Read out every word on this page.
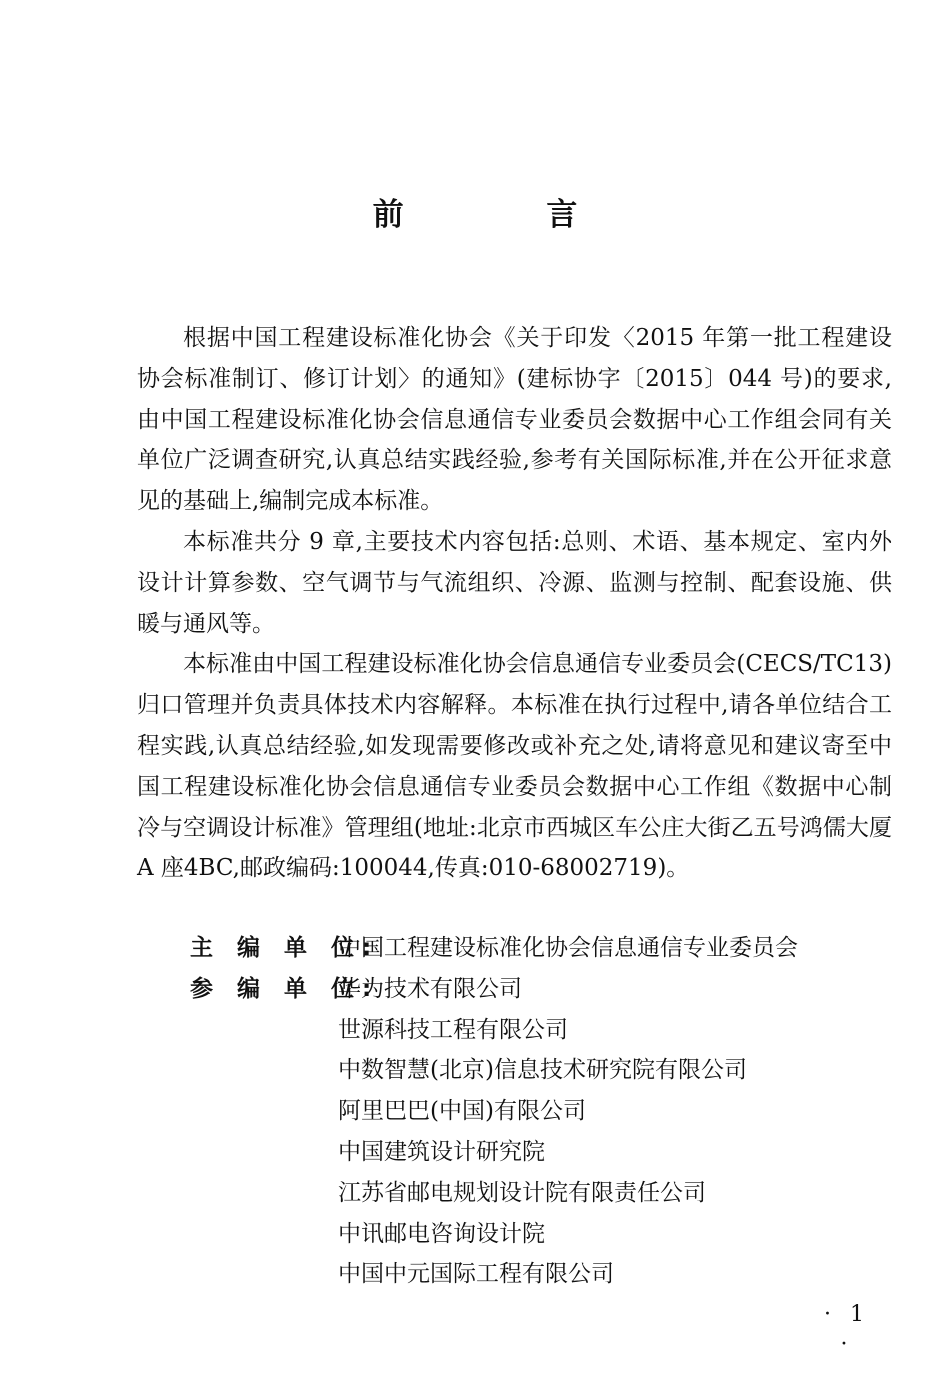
前 言

根据中国工程建设标准化协会《关于印发〈2015 年第一批工程建设协会标准制订、修订计划〉的通知》(建标协字〔2015〕044 号)的要求,由中国工程建设标准化协会信息通信专业委员会数据中心工作组会同有关单位广泛调查研究,认真总结实践经验,参考有关国际标准,并在公开征求意见的基础上,编制完成本标准。

本标准共分 9 章,主要技术内容包括:总则、术语、基本规定、室内外设计计算参数、空气调节与气流组织、冷源、监测与控制、配套设施、供暖与通风等。

本标准由中国工程建设标准化协会信息通信专业委员会(CECS/TC13)归口管理并负责具体技术内容解释。本标准在执行过程中,请各单位结合工程实践,认真总结经验,如发现需要修改或补充之处,请将意见和建议寄至中国工程建设标准化协会信息通信专业委员会数据中心工作组《数据中心制冷与空调设计标准》管理组(地址:北京市西城区车公庄大街乙五号鸿儒大厦 A 座4BC,邮政编码:100044,传真:010-68002719)。

主 编 单 位:
中国工程建设标准化协会信息通信专业委员会
参 编 单 位:
华为技术有限公司
世源科技工程有限公司
中数智慧(北京)信息技术研究院有限公司
阿里巴巴(中国)有限公司
中国建筑设计研究院
江苏省邮电规划设计院有限责任公司
中讯邮电咨询设计院
中国中元国际工程有限公司
· 1 ·
